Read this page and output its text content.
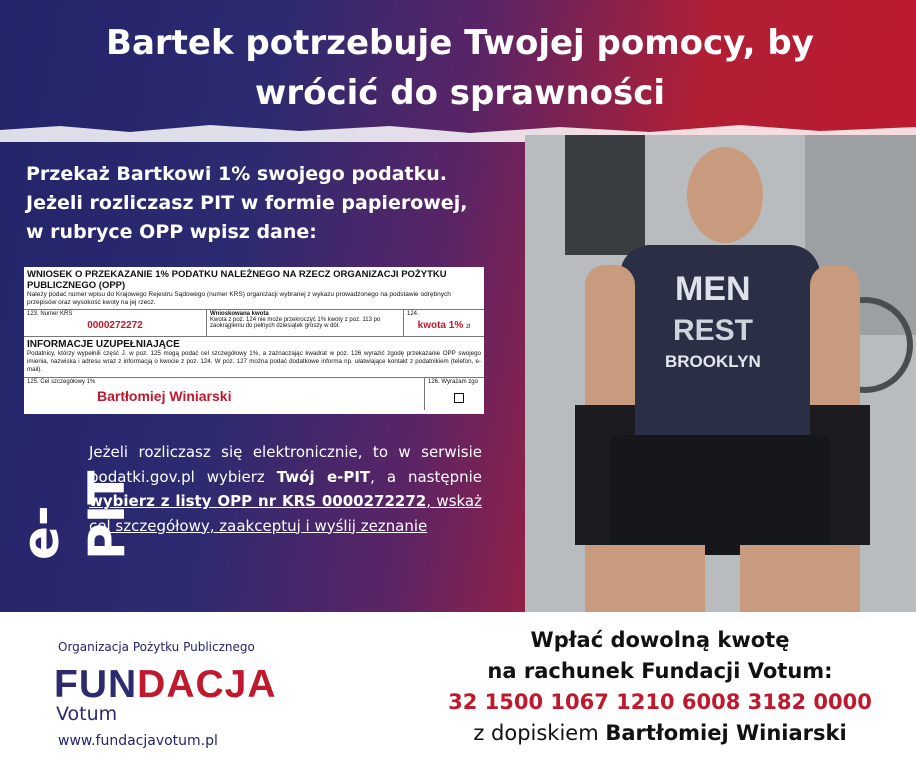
Bartek potrzebuje Twojej pomocy, by
wrócić do sprawności
MEN
REST
BROOKLYN
Przekaż Bartkowi 1% swojego podatku.
Jeżeli rozliczasz PIT w formie papierowej,
w rubryce OPP wpisz dane:
WNIOSEK O PRZEKAZANIE 1% PODATKU NALEŻNEGO NA RZECZ ORGANIZACJI POŻYTKU PUBLICZNEGO (OPP)
Należy podać numer wpisu do Krajowego Rejestru Sądowego (numer KRS) organizacji wybranej z wykazu prowadzonego na podstawie odrębnych przepisów oraz wysokość kwoty na jej rzecz.
123. Numer KRS
0000272272
Wnioskowana kwota
Kwota z poz. 124 nie może przekroczyć 1% kwoty z poz. 113 po zaokrągleniu do pełnych dziesiątek groszy w dół.
124.
kwota 1% zł
INFORMACJE UZUPEŁNIAJĄCE
Podatnicy, którzy wypełnili część J. w poz. 125 mogą podać cel szczegółowy 1%, a zaznaczając kwadrat w poz. 126 wyrazić zgodę przekazanie OPP swojego imienia, nazwiska i adresu wraz z informacją o kwocie z poz. 124. W poz. 127 można podać dodatkowe informa np. ułatwiające kontakt z podatnikiem (telefon, e-mail).
125. Cel szczegółowy 1%
Bartłomiej Winiarski
126. Wyrażam zgo
e-PIT
Jeżeli rozliczasz się elektronicznie, to w serwisie podatki.gov.pl wybierz Twój e-PIT, a następnie wybierz z listy OPP nr KRS 0000272272, wskaż cel szczegółowy, zaakceptuj i wyślij zeznanie
Organizacja Pożytku Publicznego
FUNDACJA
Votum
www.fundacjavotum.pl
Wpłać dowolną kwotę
na rachunek Fundacji Votum:
32 1500 1067 1210 6008 3182 0000
z dopiskiem Bartłomiej Winiarski
